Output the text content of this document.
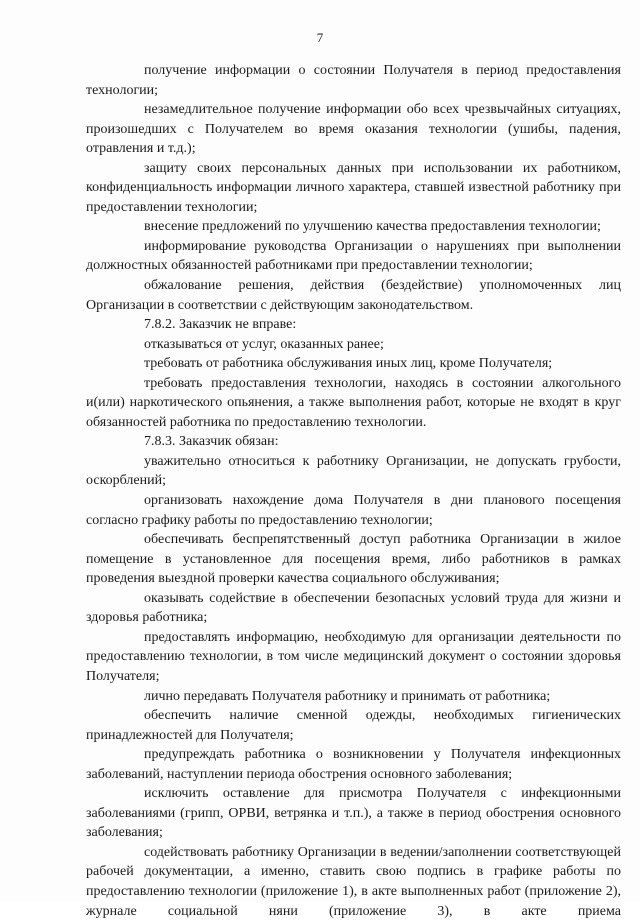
7

получение информации о состоянии Получателя в период предоставления технологии;

незамедлительное получение информации обо всех чрезвычайных ситуациях, произошедших с Получателем во время оказания технологии (ушибы, падения, отравления и т.д.);

защиту своих персональных данных при использовании их работником, конфиденциальность информации личного характера, ставшей известной работнику при предоставлении технологии;

внесение предложений по улучшению качества предоставления технологии;

информирование руководства Организации о нарушениях при выполнении должностных обязанностей работниками при предоставлении технологии;

обжалование решения, действия (бездействие) уполномоченных лиц Организации в соответствии с действующим законодательством.

7.8.2. Заказчик не вправе:

отказываться от услуг, оказанных ранее;

требовать от работника обслуживания иных лиц, кроме Получателя;

требовать предоставления технологии, находясь в состоянии алкогольного и(или) наркотического опьянения, а также выполнения работ, которые не входят в круг обязанностей работника по предоставлению технологии.

7.8.3. Заказчик обязан:

уважительно относиться к работнику Организации, не допускать грубости, оскорблений;

организовать нахождение дома Получателя в дни планового посещения согласно графику работы по предоставлению технологии;

обеспечивать беспрепятственный доступ работника Организации в жилое помещение в установленное для посещения время, либо работников в рамках проведения выездной проверки качества социального обслуживания;

оказывать содействие в обеспечении безопасных условий труда для жизни и здоровья работника;

предоставлять информацию, необходимую для организации деятельности по предоставлению технологии, в том числе медицинский документ о состоянии здоровья Получателя;

лично передавать Получателя работнику и принимать от работника;

обеспечить наличие сменной одежды, необходимых гигиенических принадлежностей для Получателя;

предупреждать работника о возникновении у Получателя инфекционных заболеваний, наступлении периода обострения основного заболевания;

исключить оставление для присмотра Получателя с инфекционными заболеваниями (грипп, ОРВИ, ветрянка и т.п.), а также в период обострения основного заболевания;

содействовать работнику Организации в ведении/заполнении соответствующей рабочей документации, а именно, ставить свою подпись в графике работы по предоставлению технологии (приложение 1), в акте выполненных работ (приложение 2), журнале социальной няни (приложение 3), в акте приема
